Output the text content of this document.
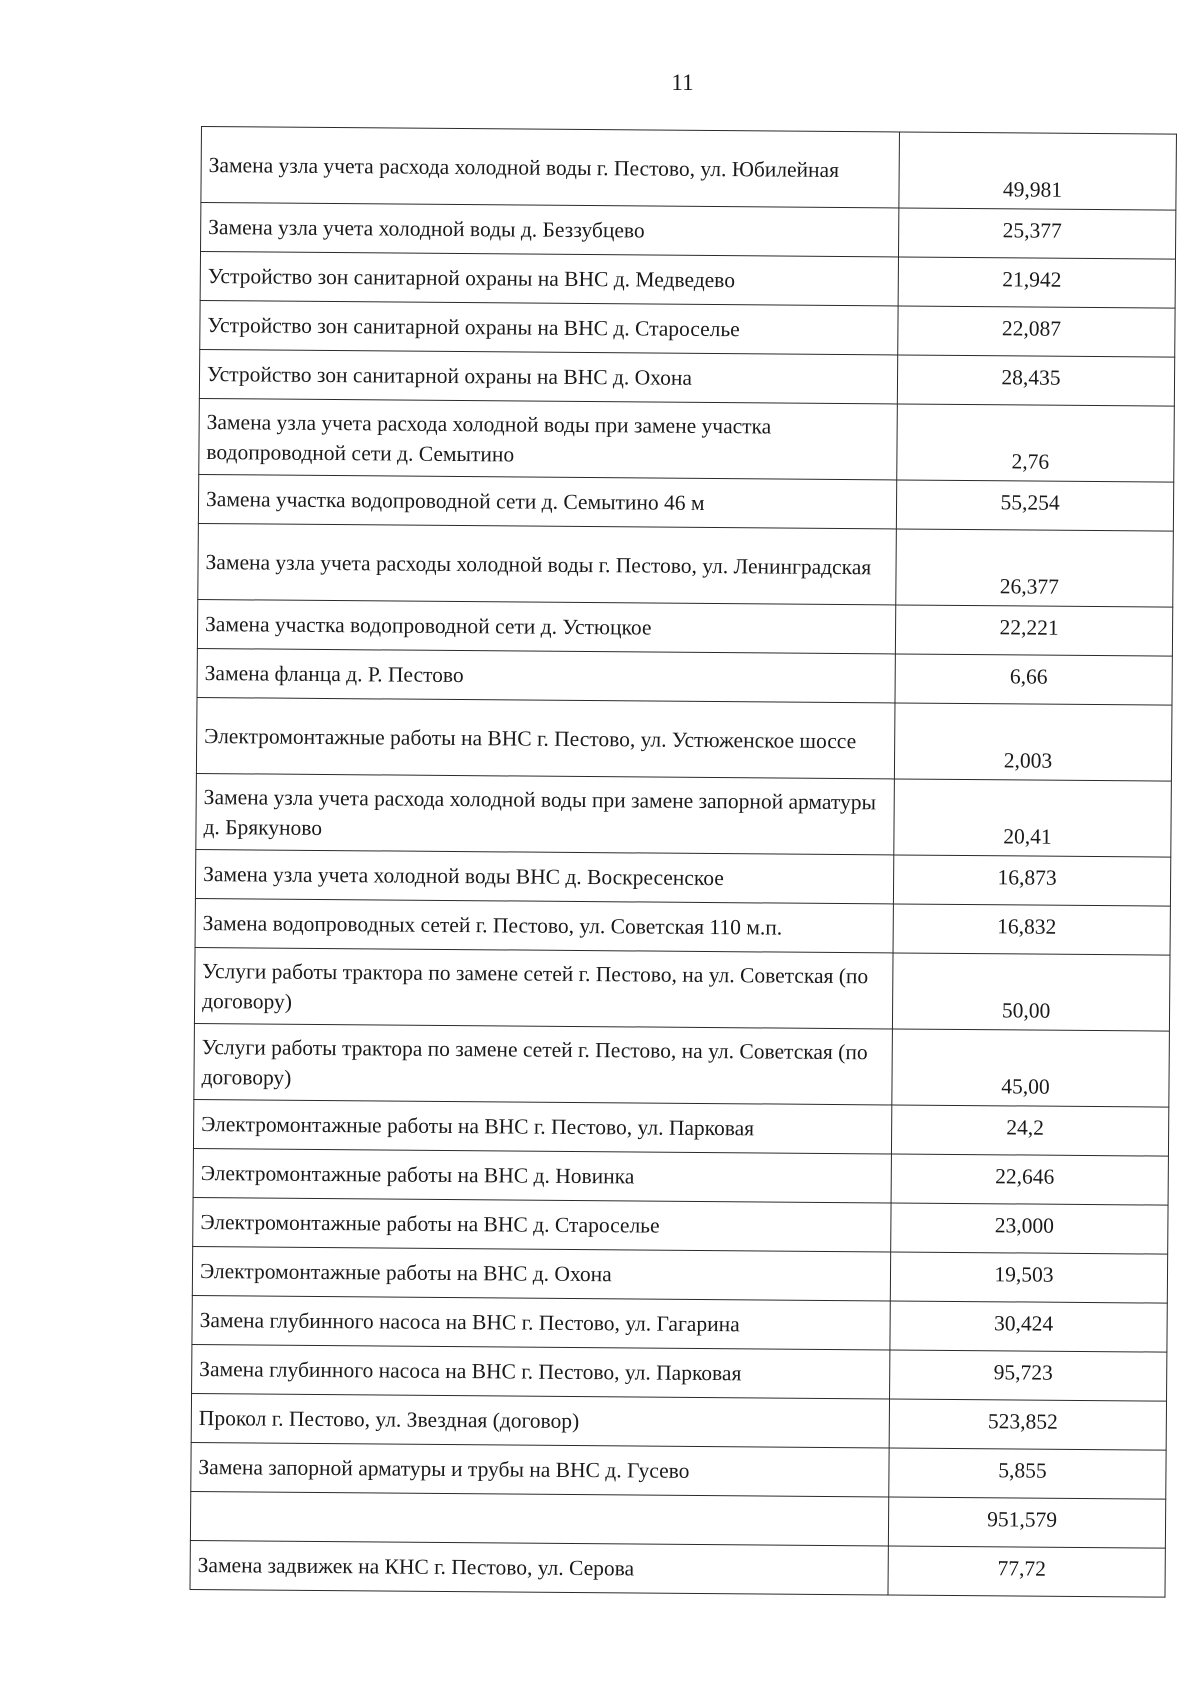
11
Замена узла учета расхода холодной воды г. Пестово, ул. Юбилейная	49,981
Замена узла учета холодной воды д. Беззубцево	25,377
Устройство зон санитарной охраны на ВНС д. Медведево	21,942
Устройство зон санитарной охраны на ВНС д. Староселье	22,087
Устройство зон санитарной охраны на ВНС д. Охона	28,435
Замена узла учета расхода холодной воды при замене участка водопроводной сети д. Семытино	2,76
Замена участка водопроводной сети д. Семытино 46 м	55,254
Замена узла учета расходы холодной воды г. Пестово, ул. Ленинградская	26,377
Замена участка водопроводной сети д. Устюцкое	22,221
Замена фланца д. Р. Пестово	6,66
Электромонтажные работы на ВНС г. Пестово, ул. Устюженское шоссе	2,003
Замена узла учета расхода холодной воды при замене запорной арматуры д. Брякуново	20,41
Замена узла учета холодной воды ВНС д. Воскресенское	16,873
Замена водопроводных сетей г. Пестово, ул. Советская 110 м.п.	16,832
Услуги работы трактора по замене сетей г. Пестово, на ул. Советская (по договору)	50,00
Услуги работы трактора по замене сетей г. Пестово, на ул. Советская (по договору)	45,00
Электромонтажные работы на ВНС г. Пестово, ул. Парковая	24,2
Электромонтажные работы на ВНС д. Новинка	22,646
Электромонтажные работы на ВНС д. Староселье	23,000
Электромонтажные работы на ВНС д. Охона	19,503
Замена глубинного насоса на ВНС г. Пестово, ул. Гагарина	30,424
Замена глубинного насоса на ВНС г. Пестово, ул. Парковая	95,723
Прокол г. Пестово, ул. Звездная (договор)	523,852
Замена запорной арматуры и трубы на ВНС д. Гусево	5,855
	951,579
Замена задвижек на КНС г. Пестово, ул. Серова	77,72
